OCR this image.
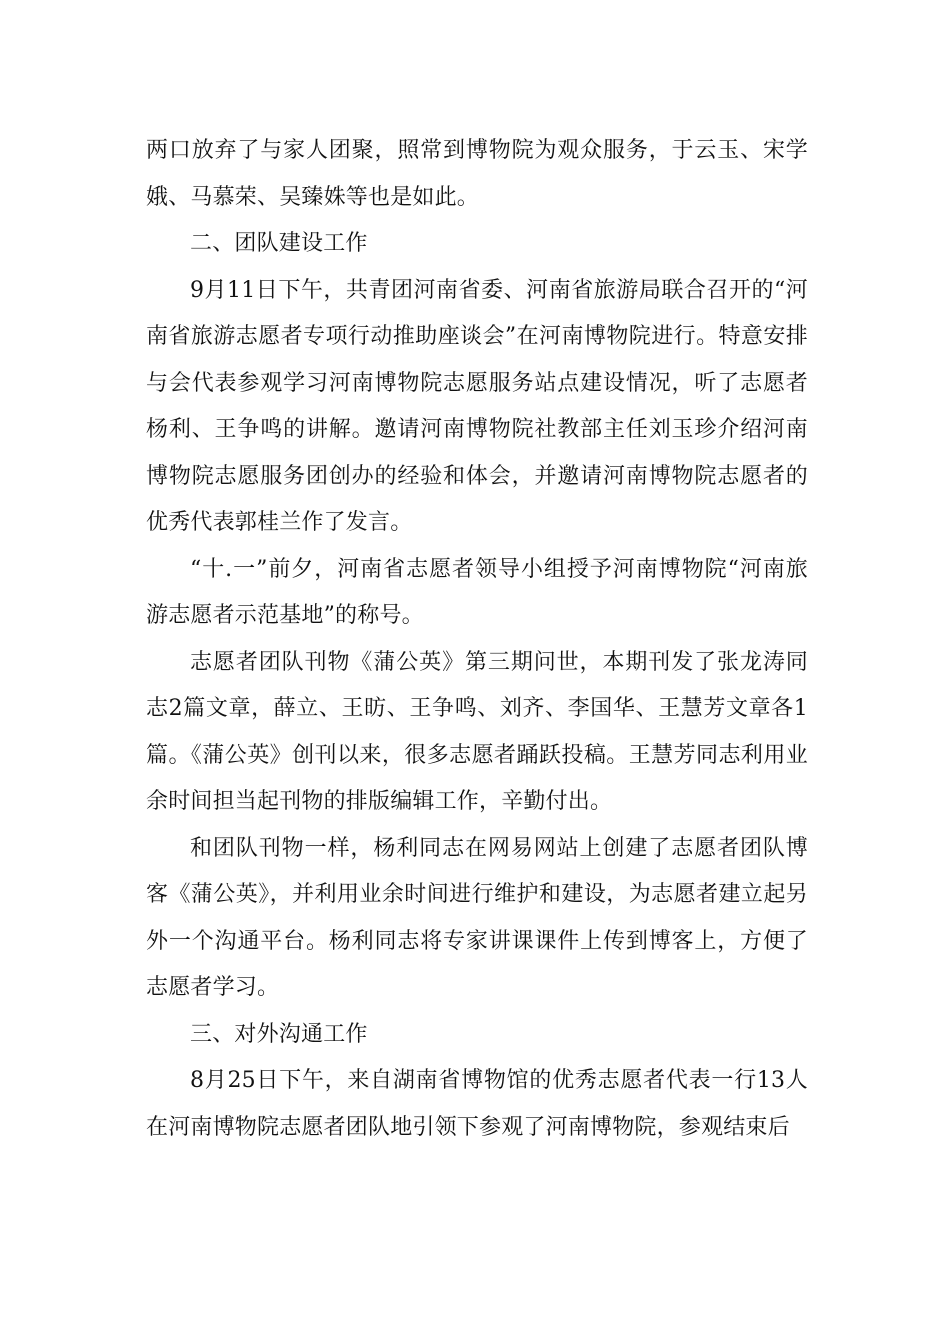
两口放弃了与家人团聚，照常到博物院为观众服务，于云玉、宋学娥、马慕荣、吴臻姝等也是如此。

二、团队建设工作

9月11日下午，共青团河南省委、河南省旅游局联合召开的“河南省旅游志愿者专项行动推助座谈会”在河南博物院进行。特意安排与会代表参观学习河南博物院志愿服务站点建设情况，听了志愿者杨利、王争鸣的讲解。邀请河南博物院社教部主任刘玉珍介绍河南博物院志愿服务团创办的经验和体会，并邀请河南博物院志愿者的优秀代表郭桂兰作了发言。

“十.一”前夕，河南省志愿者领导小组授予河南博物院“河南旅游志愿者示范基地”的称号。

志愿者团队刊物《蒲公英》第三期问世，本期刊发了张龙涛同志2篇文章，薛立、王昉、王争鸣、刘齐、李国华、王慧芳文章各1篇。《蒲公英》创刊以来，很多志愿者踊跃投稿。王慧芳同志利用业余时间担当起刊物的排版编辑工作，辛勤付出。

和团队刊物一样，杨利同志在网易网站上创建了志愿者团队博客《蒲公英》，并利用业余时间进行维护和建设，为志愿者建立起另外一个沟通平台。杨利同志将专家讲课课件上传到博客上，方便了志愿者学习。

三、对外沟通工作

8月25日下午，来自湖南省博物馆的优秀志愿者代表一行13人在河南博物院志愿者团队地引领下参观了河南博物院，参观结束后
